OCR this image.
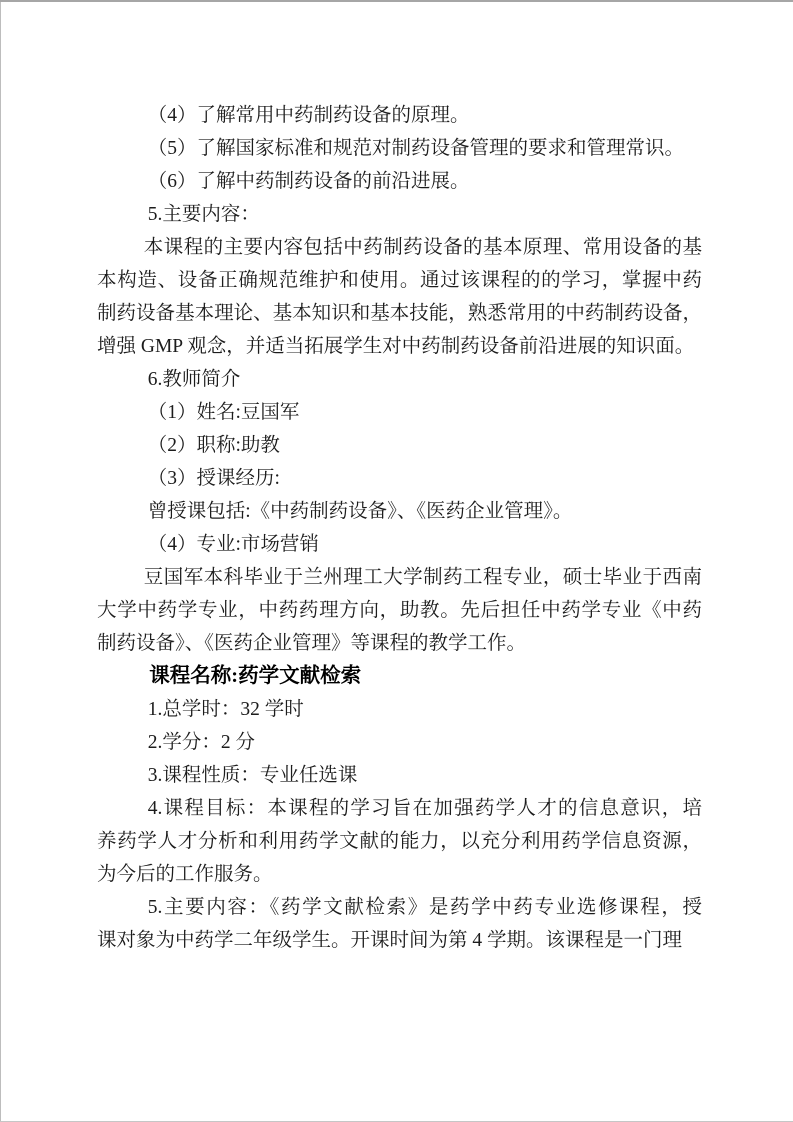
（4）了解常用中药制药设备的原理。

（5）了解国家标准和规范对制药设备管理的要求和管理常识。

（6）了解中药制药设备的前沿进展。

5.主要内容：

本课程的主要内容包括中药制药设备的基本原理、常用设备的基
本构造、设备正确规范维护和使用。通过该课程的的学习，掌握中药
制药设备基本理论、基本知识和基本技能，熟悉常用的中药制药设备，
增强 GMP 观念，并适当拓展学生对中药制药设备前沿进展的知识面。

6.教师简介

（1）姓名:豆国军

（2）职称:助教

（3）授课经历:

曾授课包括:《中药制药设备》、《医药企业管理》。

（4）专业:市场营销

豆国军本科毕业于兰州理工大学制药工程专业，硕士毕业于西南
大学中药学专业，中药药理方向，助教。先后担任中药学专业《中药
制药设备》、《医药企业管理》等课程的教学工作。

课程名称:药学文献检索

1.总学时：32 学时

2.学分：2 分

3.课程性质：专业任选课

4.课程目标：本课程的学习旨在加强药学人才的信息意识，培
养药学人才分析和利用药学文献的能力，以充分利用药学信息资源，
为今后的工作服务。

5.主要内容：《药学文献检索》是药学中药专业选修课程，授
课对象为中药学二年级学生。开课时间为第 4 学期。该课程是一门理
